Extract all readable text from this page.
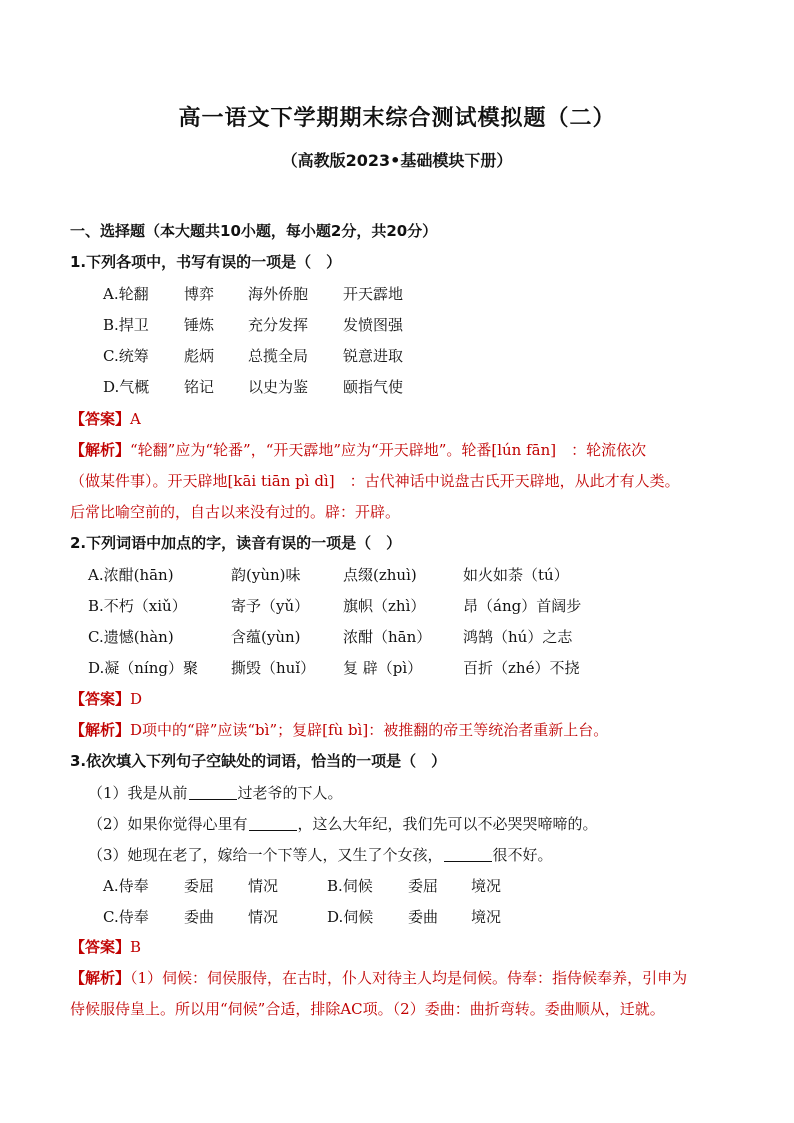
高一语文下学期期末综合测试模拟题（二）
（高教版2023•基础模块下册）
一、选择题（本大题共10小题，每小题2分，共20分）
1.下列各项中，书写有误的一项是（　）
A.轮翻 博弈 海外侨胞 开天霹地
B.捍卫 锤炼 充分发挥 发愤图强
C.统筹 彪炳 总揽全局 锐意进取
D.气概 铭记 以史为鉴 颐指气使
【答案】A
【解析】“轮翻”应为“轮番”，“开天霹地”应为“开天辟地”。轮番[lún fān]　：轮流依次
（做某件事）。开天辟地[kāi tiān pì dì]　：古代神话中说盘古氏开天辟地，从此才有人类。
后常比喻空前的，自古以来没有过的。辟：开辟。
2.下列词语中加点的字，读音有误的一项是（　）
A.浓酣(hān)	韵(yùn)味	点缀(zhuì)	如火如荼（tú）
B.不朽（xiǔ）	寄予（yǔ） 旗帜（zhì）	昂（áng）首阔步
C.遗憾(hàn)	含蕴(yùn)	浓酣（hān） 鸿鹄（hú）之志
D.凝（níng）聚 撕毁（huǐ） 复 辟（pì）	百折（zhé）不挠
【答案】D
【解析】D项中的“辟”应读“bì”；复辟[fù bì]：被推翻的帝王等统治者重新上台。
3.依次填入下列句子空缺处的词语，恰当的一项是（　）
（1）我是从前	过老爷的下人。
（2）如果你觉得心里有	，这么大年纪，我们先可以不必哭哭啼啼的。
（3）她现在老了，嫁给一个下等人，又生了个女孩，	很不好。
A.侍奉 委屈 情况	B.伺候 委屈 境况
C.侍奉 委曲 情况	D.伺候 委曲 境况
【答案】B
【解析】（1）伺候：伺侯服侍，在古时，仆人对待主人均是伺候。侍奉：指侍候奉养，引申为
侍候服侍皇上。所以用“伺候”合适，排除AC项。（2）委曲：曲折弯转。委曲顺从，迁就。
